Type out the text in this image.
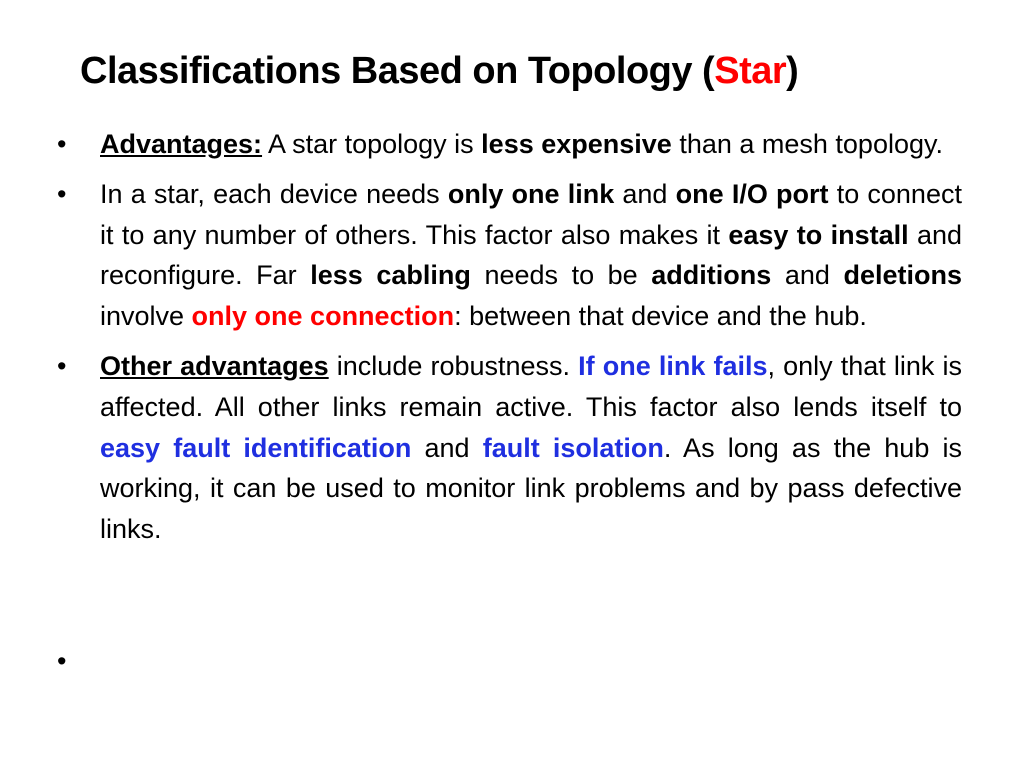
Classifications Based on Topology (Star)
• Advantages: A star topology is less expensive than a mesh topology.
• In a star, each device needs only one link and one I/O port to connect it to any number of others. This factor also makes it easy to install and reconfigure. Far less cabling needs to be additions and deletions involve only one connection: between that device and the hub.
• Other advantages include robustness. If one link fails, only that link is affected. All other links remain active. This factor also lends itself to easy fault identification and fault isolation. As long as the hub is working, it can be used to monitor link problems and by pass defective links.
•
